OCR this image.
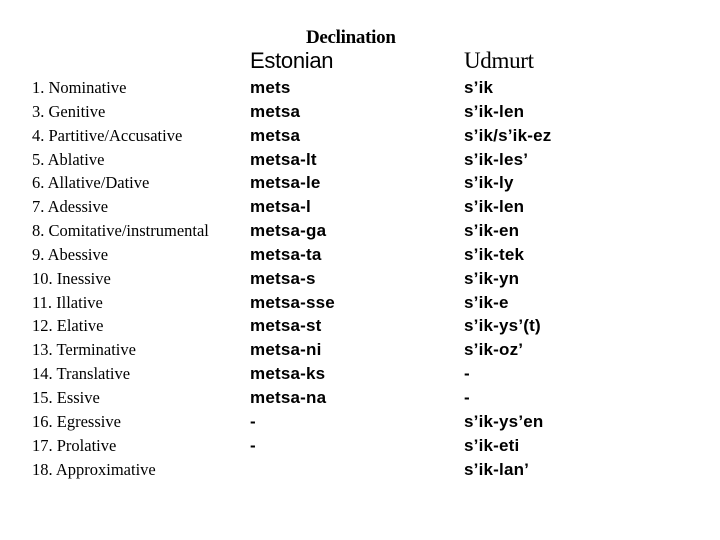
Declination
Estonian	Udmurt
1. Nominative
3. Genitive
4. Partitive/Accusative
5. Ablative
6. Allative/Dative
7. Adessive
8. Comitative/instrumental
9. Abessive
10. Inessive
11. Illative
12. Elative
13. Terminative
14. Translative
15. Essive
16. Egressive
17. Prolative
18. Approximative
mets
metsa
metsa
metsa-lt
metsa-le
metsa-l
metsa-ga
metsa-ta
metsa-s
metsa-sse
metsa-st
metsa-ni
metsa-ks
metsa-na
-
-
s’ik
s’ik-len
s’ik/s’ik-ez
s’ik-les’
s’ik-ly
s’ik-len
s’ik-en
s’ik-tek
s’ik-yn
s’ik-e
s’ik-ys’(t)
s’ik-oz’
-
-
s’ik-ys’en
s’ik-eti
s’ik-lan’
